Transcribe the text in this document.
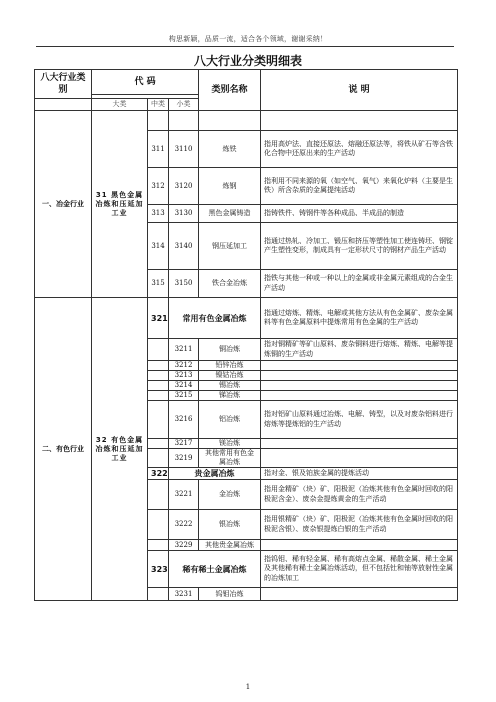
构思新颖，品质一流，适合各个领域，谢谢采纳！
八大行业分类明细表
八大行业类别	代 码			类别名称	说 明

	大类	中类	小类		
一、冶金行业	31 黑色金属冶炼和压延加工业				
		311	3110	炼铁	指用高炉法、直接还原法、熔融还原法等，将铁从矿石等含铁化合物中还原出来的生产活动
		312	3120	炼钢	指利用不同来源的氧（如空气、氧气）来氧化炉料（主要是生铁）所含杂质的金属提纯活动
		313	3130	黑色金属铸造	指铸铁件、铸钢件等各种成品、半成品的制造
		314	3140	钢压延加工	指通过热轧、冷加工、锻压和挤压等塑性加工使连铸坯、钢锭产生塑性变形，制成具有一定形状尺寸的钢材产品生产活动
		315	3150	铁合金冶炼	指铁与其他一种或一种以上的金属或非金属元素组成的合金生产活动
二、有色行业	32 有色金属冶炼和压延加工业	321	常用有色金属冶炼		指通过熔炼、精炼、电解或其他方法从有色金属矿、废杂金属料等有色金属原料中提炼常用有色金属的生产活动
			3211	铜冶炼	指对铜精矿等矿山原料、废杂铜料进行熔炼、精炼、电解等提炼铜的生产活动
			3212	铅锌冶炼	
			3213	镍钴冶炼	
			3214	锡冶炼	
			3215	锑冶炼	
			3216	铝冶炼	指对铝矿山原料通过冶炼、电解、铸型，以及对废杂铝料进行熔炼等提炼铝的生产活动
			3217	镁冶炼	
			3219	其他常用有色金属冶炼	
		322	贵金属冶炼		指对金、银及铂族金属的提炼活动
			3221	金冶炼	指用金精矿（块）矿、阳极泥（冶炼其他有色金属时回收的阳极泥含金）、废杂金提炼黄金的生产活动
			3222	银冶炼	指用银精矿（块）矿、阳极泥（冶炼其他有色金属时回收的阳极泥含银）、废杂银提炼白银的生产活动
			3229	其他贵金属冶炼	
		323	稀有稀土金属冶炼		指钨钼、稀有轻金属、稀有高熔点金属、稀散金属、稀土金属及其他稀有稀土金属冶炼活动，但不包括钍和铀等放射性金属的冶炼加工
			3231	钨钼冶炼	
1
